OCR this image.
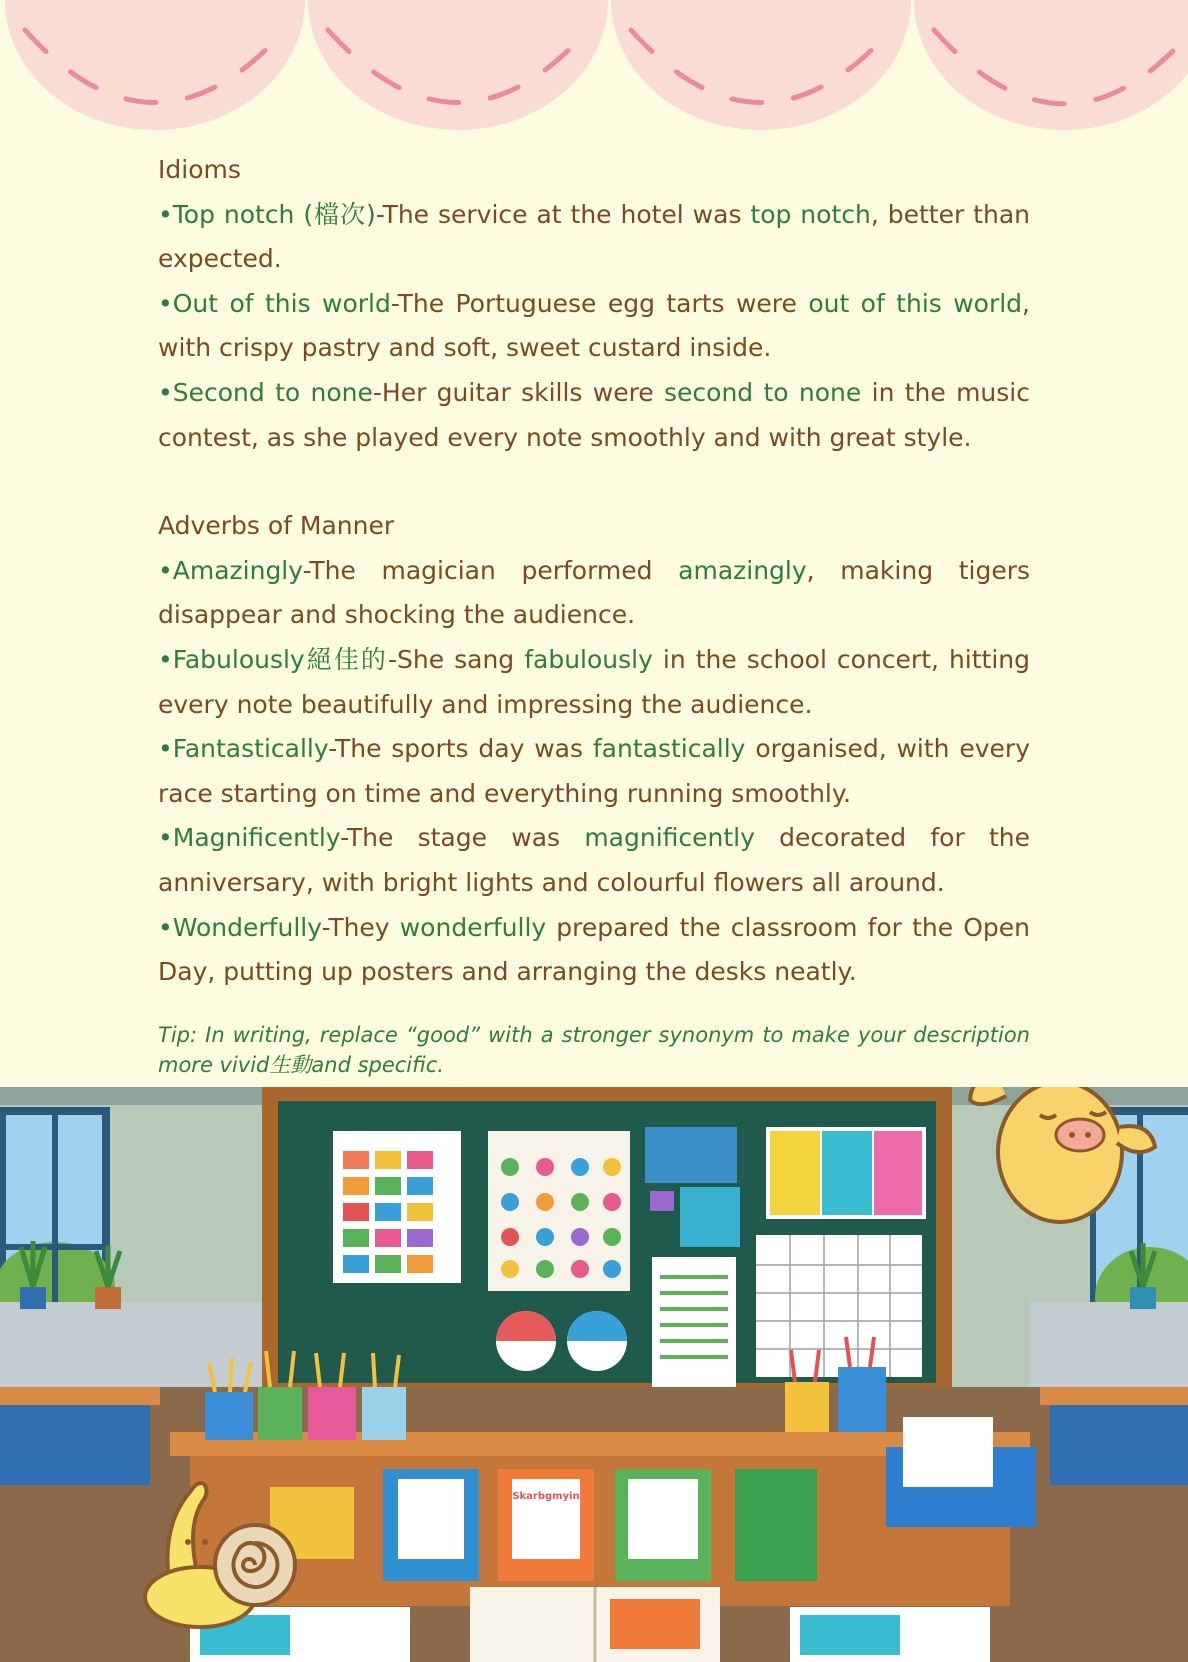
Idioms
•Top notch (檔次)-The service at the hotel was top notch, better than expected.
•Out of this world-The Portuguese egg tarts were out of this world, with crispy pastry and soft, sweet custard inside.
•Second to none-Her guitar skills were second to none in the music contest, as she played every note smoothly and with great style.
Adverbs of Manner
•Amazingly-The magician performed amazingly, making tigers disappear and shocking the audience.
•Fabulously絕佳的-She sang fabulously in the school concert, hitting every note beautifully and impressing the audience.
•Fantastically-The sports day was fantastically organised, with every race starting on time and everything running smoothly.
•Magnificently-The stage was magnificently decorated for the anniversary, with bright lights and colourful flowers all around.
•Wonderfully-They wonderfully prepared the classroom for the Open Day, putting up posters and arranging the desks neatly.
Tip: In writing, replace “good” with a stronger synonym to make your description more vivid生動and specific.
Skarbgmyin
